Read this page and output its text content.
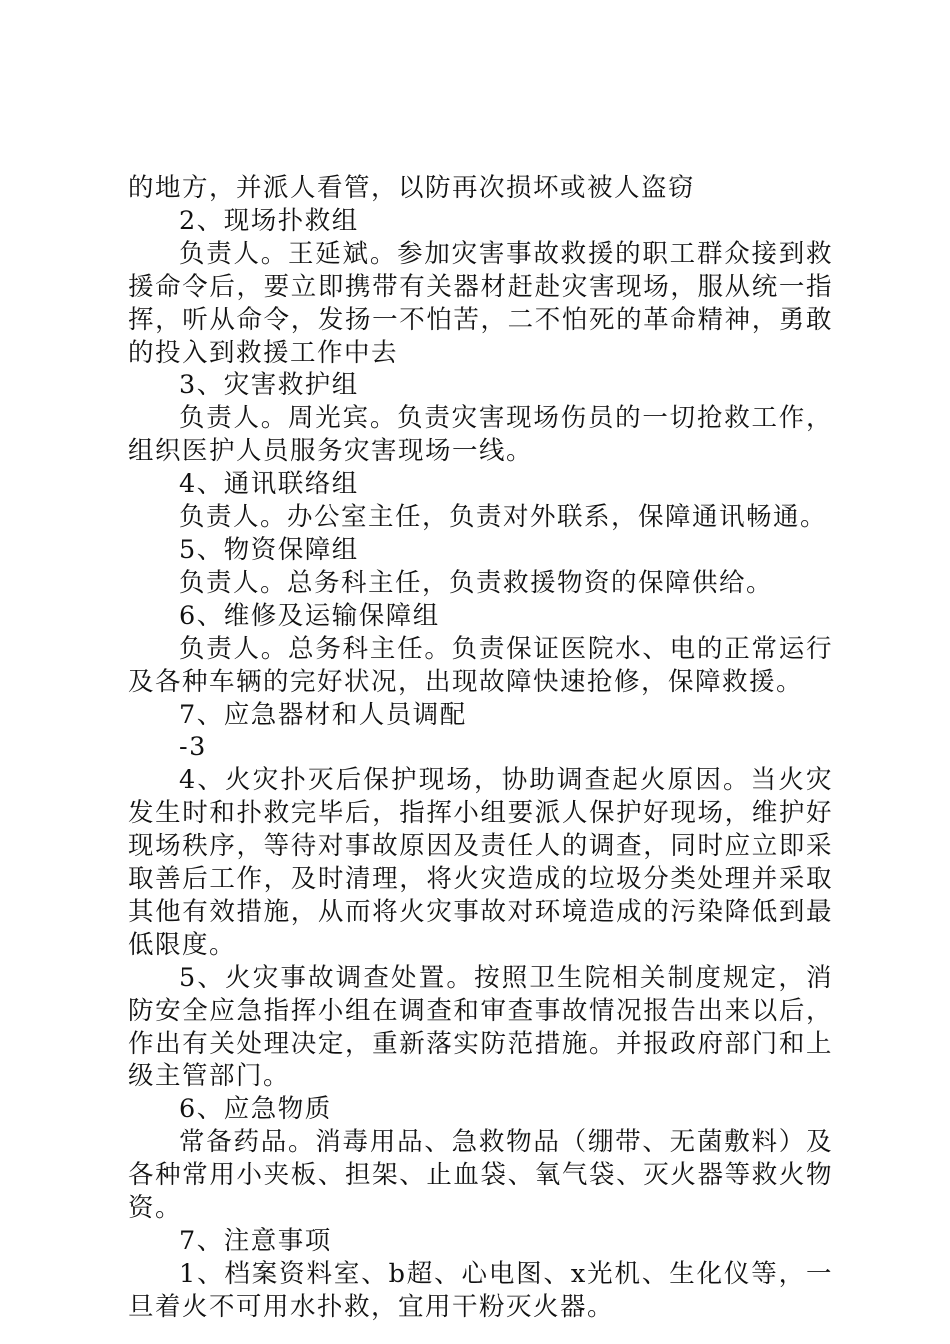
的地方，并派人看管，以防再次损坏或被人盗窃

2、现场扑救组

负责人。王延斌。参加灾害事故救援的职工群众接到救援命令后，要立即携带有关器材赶赴灾害现场，服从统一指挥，听从命令，发扬一不怕苦，二不怕死的革命精神，勇敢的投入到救援工作中去

3、灾害救护组

负责人。周光宾。负责灾害现场伤员的一切抢救工作，组织医护人员服务灾害现场一线。

4、通讯联络组

负责人。办公室主任，负责对外联系，保障通讯畅通。

5、物资保障组

负责人。总务科主任，负责救援物资的保障供给。

6、维修及运输保障组

负责人。总务科主任。负责保证医院水、电的正常运行及各种车辆的完好状况，出现故障快速抢修，保障救援。

7、应急器材和人员调配

-3

4、火灾扑灭后保护现场，协助调查起火原因。当火灾发生时和扑救完毕后，指挥小组要派人保护好现场，维护好现场秩序，等待对事故原因及责任人的调查，同时应立即采取善后工作，及时清理，将火灾造成的垃圾分类处理并采取其他有效措施，从而将火灾事故对环境造成的污染降低到最低限度。

5、火灾事故调查处置。按照卫生院相关制度规定，消防安全应急指挥小组在调查和审查事故情况报告出来以后，作出有关处理决定，重新落实防范措施。并报政府部门和上级主管部门。

6、应急物质

常备药品。消毒用品、急救物品（绷带、无菌敷料）及各种常用小夹板、担架、止血袋、氧气袋、灭火器等救火物资。

7、注意事项

1、档案资料室、b超、心电图、x光机、生化仪等，一旦着火不可用水扑救，宜用干粉灭火器。
